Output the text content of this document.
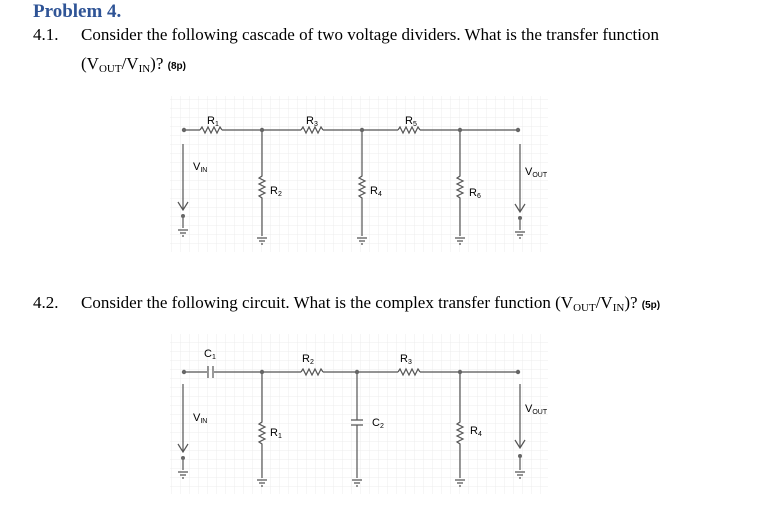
Problem 4.
4.1. Consider the following cascade of two voltage dividers. What is the transfer function
$(V_{OUT}/V_{IN})$? (8p)
4.2. Consider the following circuit. What is the complex transfer function $(V_{OUT}/V_{IN})$? (5p)
R1	R3	R5
R2	R4	R6
VIN	VOUT
C1	R2	R3
R1
C2	R4
VIN
VOUT
